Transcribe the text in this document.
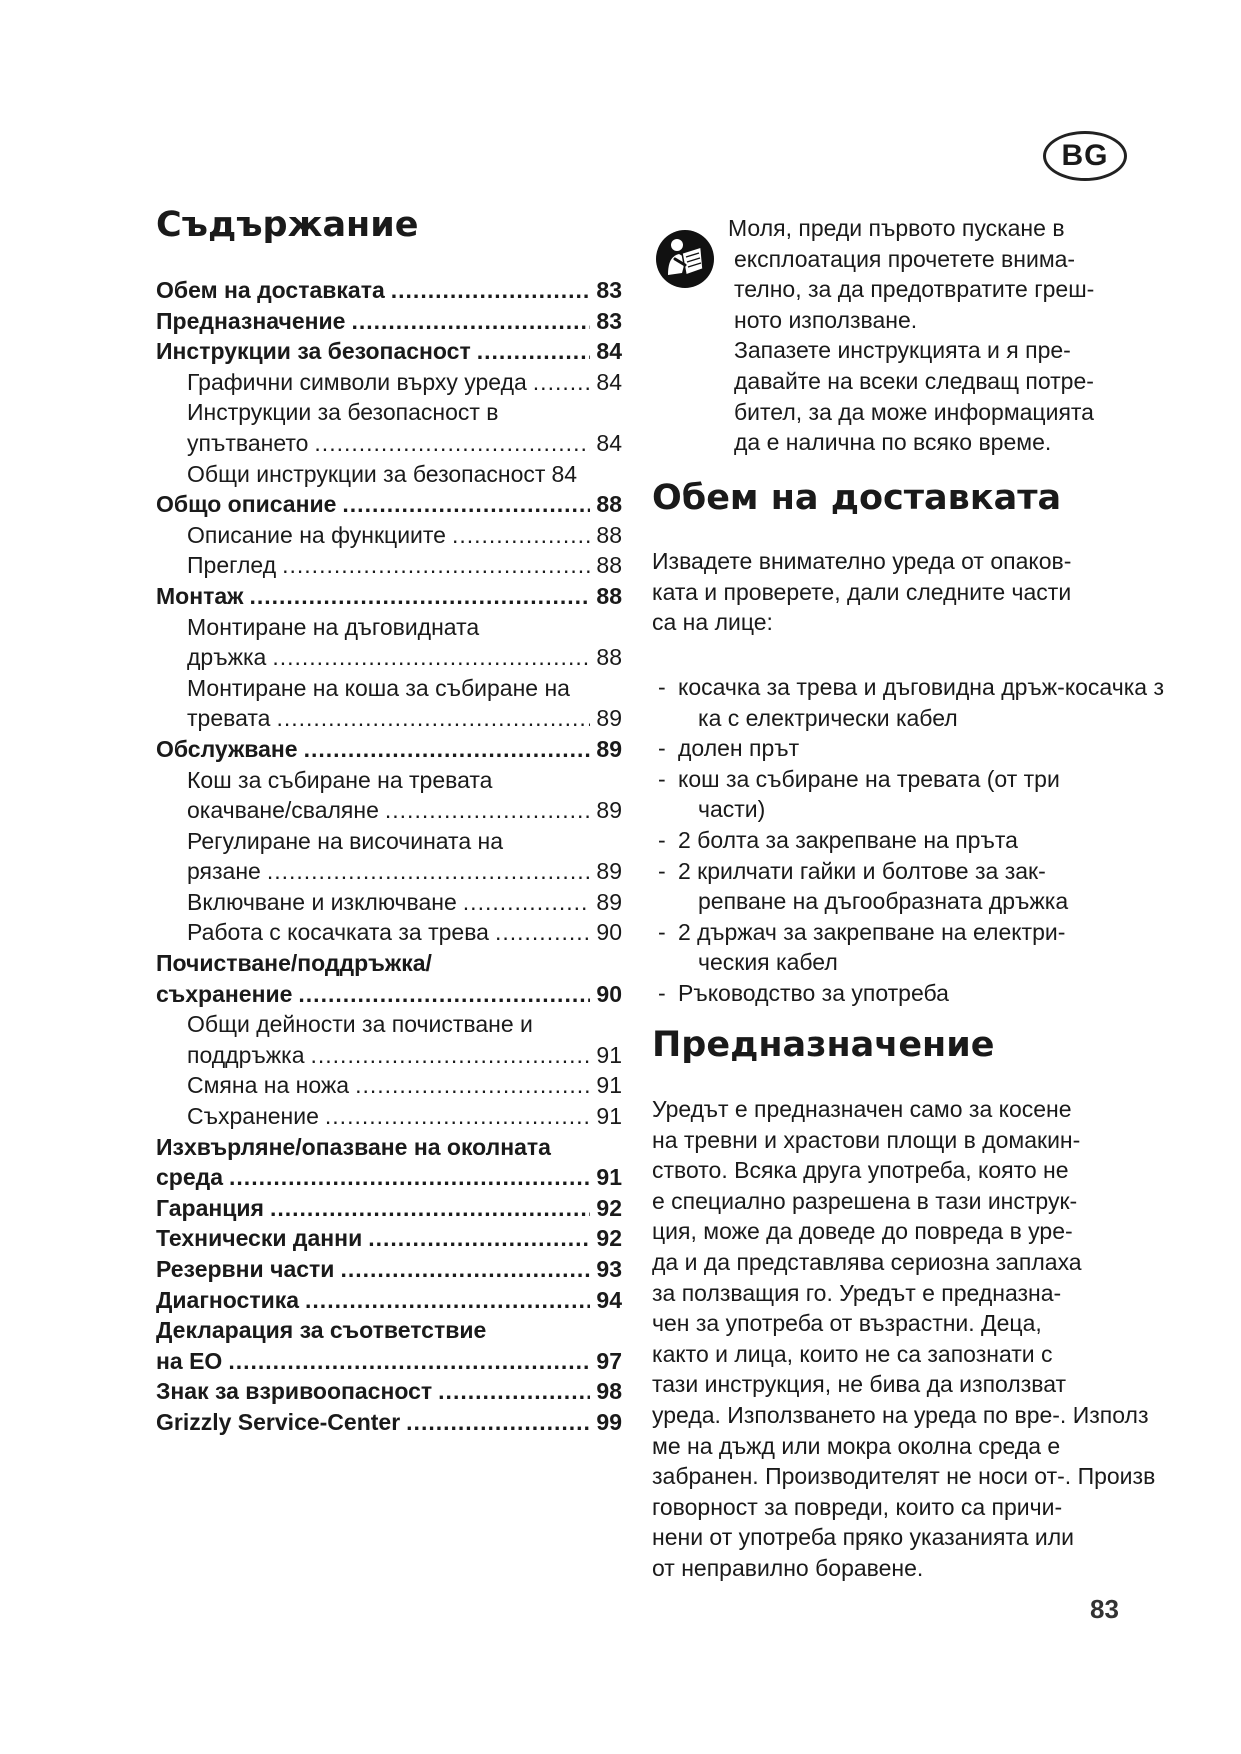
BG
Съдържание
Обем на доставката .....	83
Предназначение .....	83
Инструкции за безопасност .....	84
Графични символи върху уреда .....	84
Инструкции за безопасност в
упътването .....	84
Общи инструкции за безопасност 84
Общо описание .....	88
Описание на функциите .....	88
Преглед .....	88
Монтаж .....	88
Монтиране на дъговидната
дръжка .....	88
Монтиране на коша за събиране на
тревата .....	89
Обслужване .....	89
Кош за събиране на тревата
окачване/сваляне .....	89
Регулиране на височината на
рязане .....	89
Включване и изключване .....	89
Работа с косачката за трева .....	90
Почистване/поддръжка/
съхранение .....	90
Общи дейности за почистване и
поддръжка .....	91
Смяна на ножа .....	91
Съхранение .....	91
Изхвърляне/опазване на околната
среда .....	91
Гаранция .....	92
Технически данни .....	92
Резервни части .....	93
Диагностика .....	94
Декларация за съответствие
на ЕО .....	97
Знак за взривоопасност .....	98
Grizzly Service-Center .....	99
Моля, преди първото пускане в
експлоатация прочетете внима-
телно, за да предотвратите греш-
ното използване.
Запазете инструкцията и я пре-
давайте на всеки следващ потре-
бител, за да може информацията
да е налична по всяко време.
Обем на доставката
Извадете внимателно уреда от опаков-
ката и проверете, дали следните части
са на лице:
- косачка за трева и дъговидна дръж-косачка з
ка с електрически кабел
- долен прът
- кош за събиране на тревата (от три
части)
- 2 болта за закрепване на пръта
- 2 крилчати гайки и болтове за зак-
репване на дъгообразната дръжка
- 2 държач за закрепване на електри-
ческия кабел
- Ръководство за употреба
Предназначение
Уредът е предназначен само за косене
на тревни и храстови площи в домакин-
ството. Всяка друга употреба, която не
е специално разрешена в тази инструк-
ция, може да доведе до повреда в уре-
да и да представлява сериозна заплаха
за ползващия го. Уредът е предназна-
чен за употреба от възрастни. Деца,
както и лица, които не са запознати с
тази инструкция, не бива да използват
уреда. Използването на уреда по вре-. Използ
ме на дъжд или мокра околна среда е
забранен. Производителят не носи от-. Произв
говорност за повреди, които са причи-
нени от употреба пряко указанията или
от неправилно боравене.
83
